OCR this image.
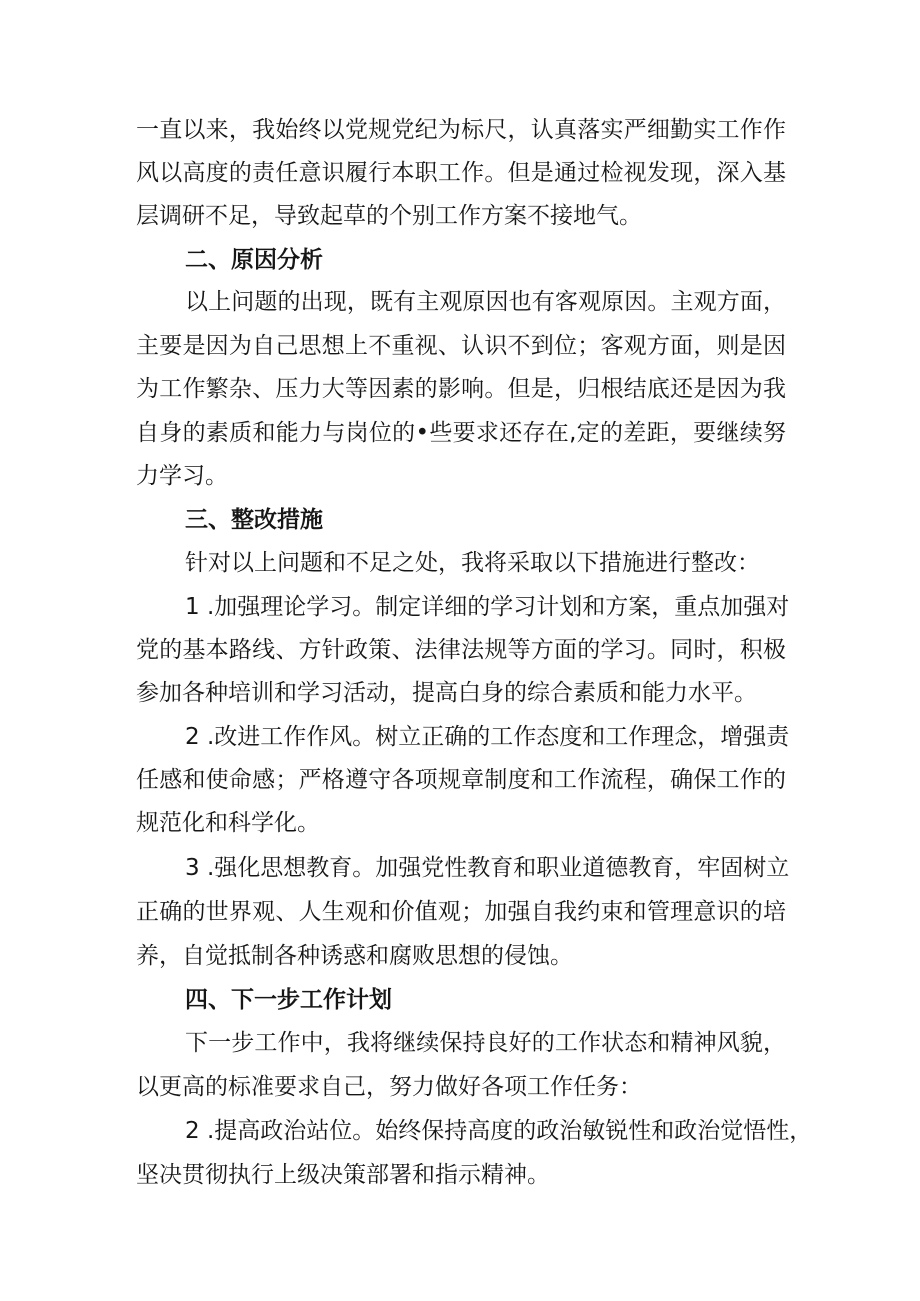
一直以来，我始终以党规党纪为标尺，认真落实严细勤实工作作
风以高度的责任意识履行本职工作。但是通过检视发现，深入基
层调研不足，导致起草的个别工作方案不接地气。
二、原因分析
以上问题的出现，既有主观原因也有客观原因。主观方面，
主要是因为自己思想上不重视、认识不到位；客观方面，则是因
为工作繁杂、压力大等因素的影响。但是，归根结底还是因为我
自身的素质和能力与岗位的•些要求还存在,定的差距，要继续努
力学习。
三、整改措施
针对以上问题和不足之处，我将采取以下措施进行整改：
1 .加强理论学习。制定详细的学习计划和方案，重点加强对
党的基本路线、方针政策、法律法规等方面的学习。同时，积极
参加各种培训和学习活动，提高白身的综合素质和能力水平。
2 .改进工作作风。树立正确的工作态度和工作理念，增强责
任感和使命感；严格遵守各项规章制度和工作流程，确保工作的
规范化和科学化。
3 .强化思想教育。加强党性教育和职业道德教育，牢固树立
正确的世界观、人生观和价值观；加强自我约束和管理意识的培
养，自觉抵制各种诱惑和腐败思想的侵蚀。
四、下一步工作计划
下一步工作中，我将继续保持良好的工作状态和精神风貌，
以更高的标准要求自己，努力做好各项工作任务：
2 .提高政治站位。始终保持高度的政治敏锐性和政治觉悟性，
坚决贯彻执行上级决策部署和指示精神。
